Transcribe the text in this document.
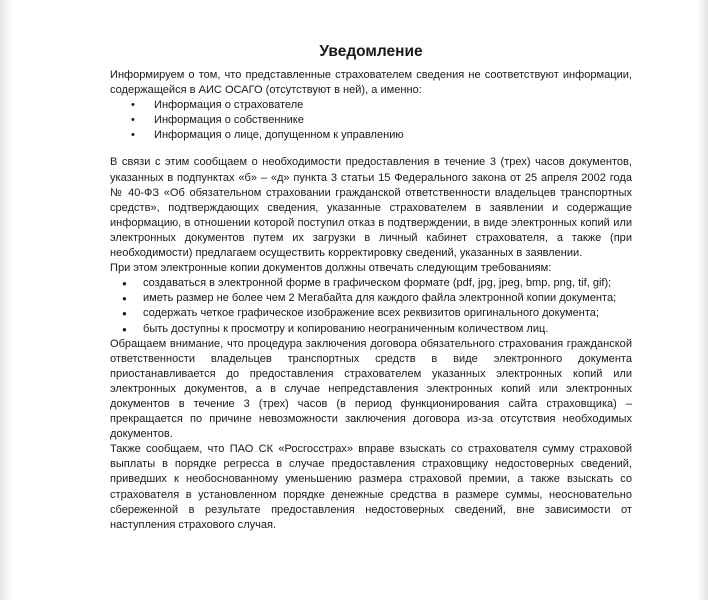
Уведомление

Информируем о том, что представленные страхователем сведения не соответствуют информации, содержащейся в АИС ОСАГО (отсутствуют в ней), а именно:

• Информация о страхователе
• Информация о собственнике
• Информация о лице, допущенном к управлению

В связи с этим сообщаем о необходимости предоставления в течение 3 (трех) часов документов, указанных в подпунктах «б» – «д» пункта 3 статьи 15 Федерального закона от 25 апреля 2002 года № 40-ФЗ «Об обязательном страховании гражданской ответственности владельцев транспортных средств», подтверждающих сведения, указанные страхователем в заявлении и содержащие информацию, в отношении которой поступил отказ в подтверждении, в виде электронных копий или электронных документов путем их загрузки в личный кабинет страхователя, а также (при необходимости) предлагаем осуществить корректировку сведений, указанных в заявлении.

При этом электронные копии документов должны отвечать следующим требованиям:

● создаваться в электронной форме в графическом формате (pdf, jpg, jpeg, bmp, png, tif, gif);
● иметь размер не более чем 2 Мегабайта для каждого файла электронной копии документа;
● содержать четкое графическое изображение всех реквизитов оригинального документа;
● быть доступны к просмотру и копированию неограниченным количеством лиц.

Обращаем внимание, что процедура заключения договора обязательного страхования гражданской ответственности владельцев транспортных средств в виде электронного документа приостанавливается до предоставления страхователем указанных электронных копий или электронных документов, а в случае непредставления электронных копий или электронных документов в течение 3 (трех) часов (в период функционирования сайта страховщика) – прекращается по причине невозможности заключения договора из-за отсутствия необходимых документов.

Также сообщаем, что ПАО СК «Росгосстрах» вправе взыскать со страхователя сумму страховой выплаты в порядке регресса в случае предоставления страховщику недостоверных сведений, приведших к необоснованному уменьшению размера страховой премии, а также взыскать со страхователя в установленном порядке денежные средства в размере суммы, неосновательно сбереженной в результате предоставления недостоверных сведений, вне зависимости от наступления страхового случая.
